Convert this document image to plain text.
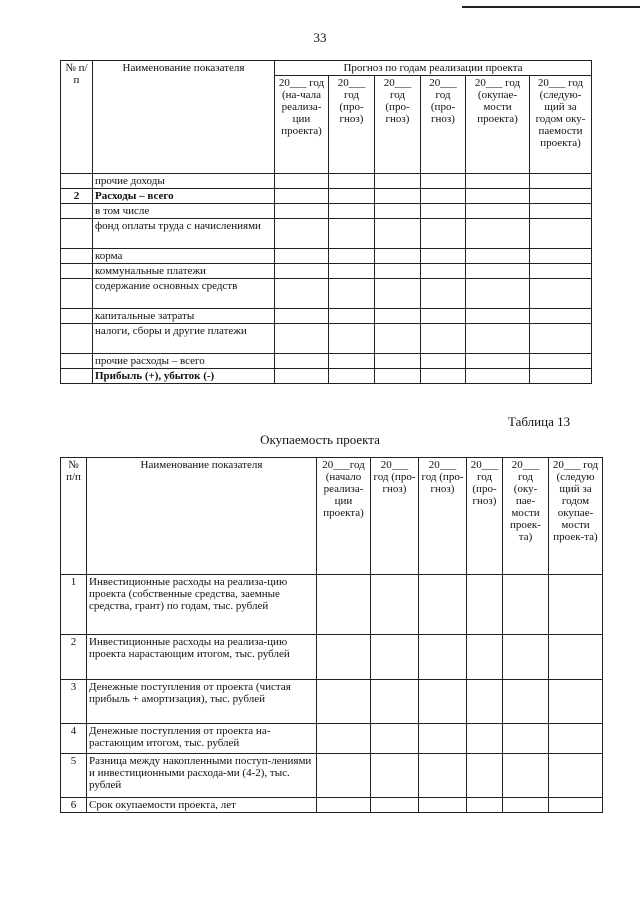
33
№ п/п	Наименование показателя	Прогноз по годам реализации проекта					
		20___ год (на-чала реализа-ции проекта)	20___ год (про-гноз)	20___ год (про-гноз)	20___ год (про-гноз)	20___ год (окупае-мости проекта)	20___ год (следую-щий за годом оку-паемости проекта)
	прочие доходы						
2	Расходы – всего						
	в том числе						
	фонд оплаты труда с начислениями						
	корма						
	коммунальные платежи						
	содержание основных средств						
	капитальные затраты						
	налоги, сборы и другие платежи						
	прочие расходы – всего						
	Прибыль (+), убыток (-)						
Таблица 13
Окупаемость проекта
№ п/п	Наименование показателя	20___год (начало реализа-ции проекта)	20___ год (про-гноз)	20___ год (про-гноз)	20___ год (про-гноз)	20___ год (оку-пае-мости проек-та)	20___ год (следую щий за годом окупае-мости проек-та)
1	Инвестиционные расходы на реализа-цию проекта (собственные средства, заемные средства, грант) по годам, тыс. рублей						
2	Инвестиционные расходы на реализа-цию проекта нарастающим итогом, тыс. рублей						
3	Денежные поступления от проекта (чистая прибыль + амортизация), тыс. рублей						
4	Денежные поступления от проекта на-растающим итогом, тыс. рублей						
5	Разница между накопленными поступ-лениями и инвестиционными расхода-ми (4-2), тыс. рублей						
6	Срок окупаемости проекта, лет						
